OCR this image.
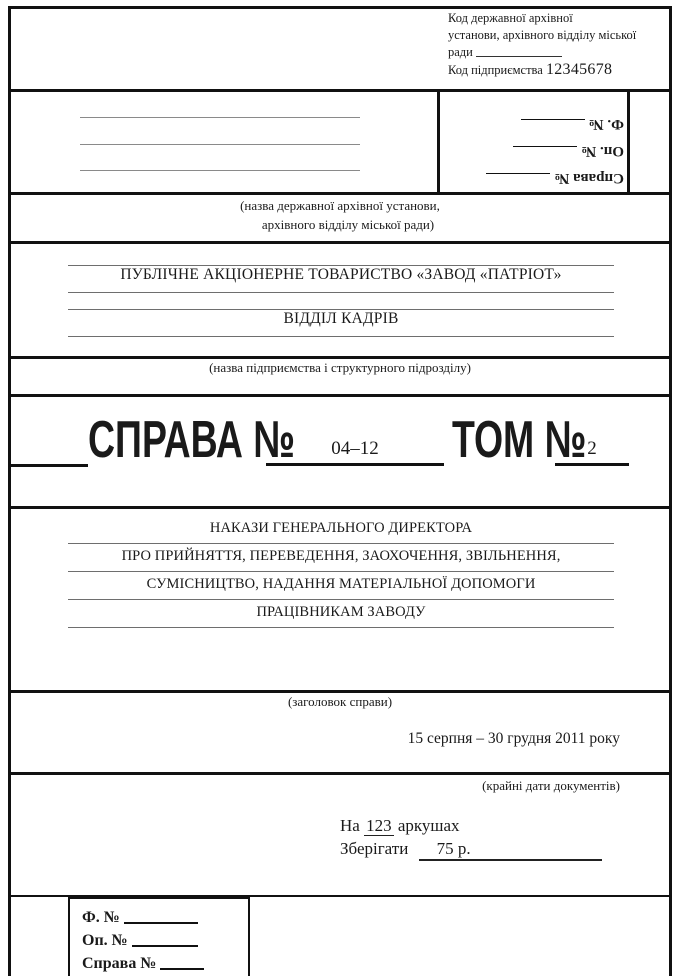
Код державної архівної
установи, архівного відділу міської
ради
Код підприємства 12345678
Справа №
Оп. №
Ф. №
(назва державної архівної установи,
архівного відділу міської ради)
ПУБЛІЧНЕ АКЦІОНЕРНЕ ТОВАРИСТВО «ЗАВОД «ПАТРІОТ»
ВІДДІЛ КАДРІВ
(назва підприємства і структурного підрозділу)
СПРАВА №	04–12	ТОМ № 2
НАКАЗИ ГЕНЕРАЛЬНОГО ДИРЕКТОРА
ПРО ПРИЙНЯТТЯ, ПЕРЕВЕДЕННЯ, ЗАОХОЧЕННЯ, ЗВІЛЬНЕННЯ,
СУМІСНИЦТВО, НАДАННЯ МАТЕРІАЛЬНОЇ ДОПОМОГИ
ПРАЦІВНИКАМ ЗАВОДУ
(заголовок справи)
15 серпня – 30 грудня 2011 року
(крайні дати документів)
На 123 аркушах
Зберігати 75 р.
Ф. №
Оп. №
Справа №
